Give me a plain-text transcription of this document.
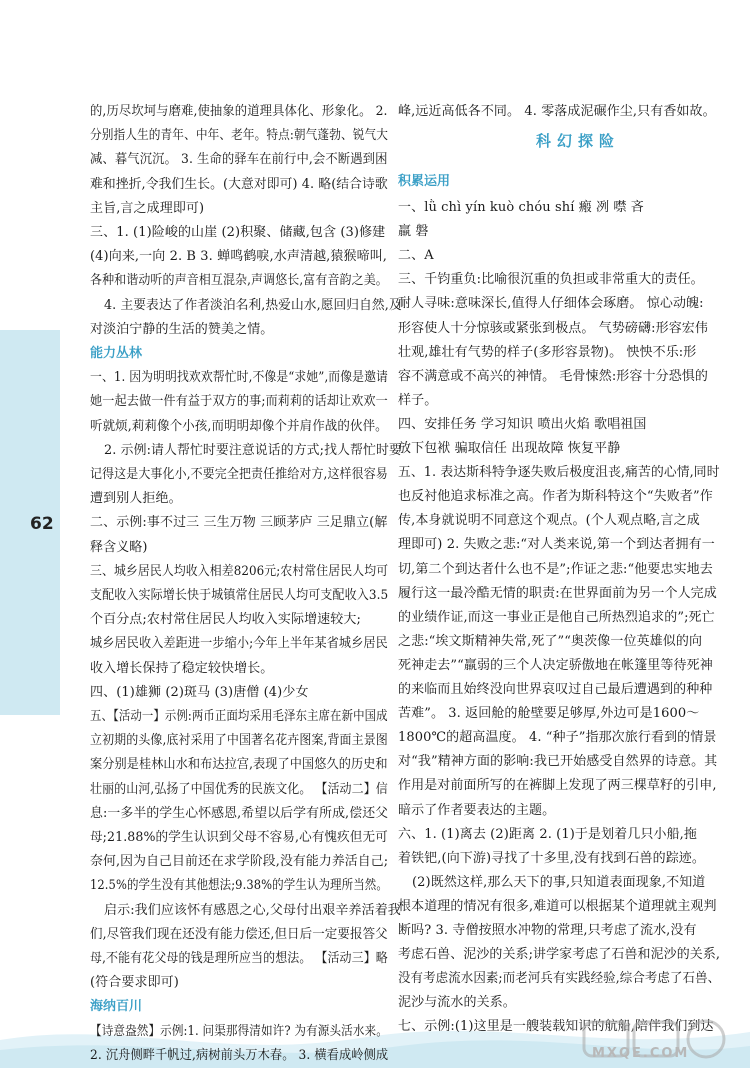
62
的,历尽坎坷与磨难,使抽象的道理具体化、形象化。 2.
分别指人生的青年、中年、老年。特点:朝气蓬勃、锐气大
减、暮气沉沉。 3. 生命的驿车在前行中,会不断遇到困
难和挫折,令我们生长。(大意对即可) 4. 略(结合诗歌
主旨,言之成理即可)
三、1. (1)险峻的山崖 (2)积聚、储藏,包含 (3)修建
(4)向来,一向 2. B 3. 蝉鸣鹤唳,水声清越,猿猴啼叫,
各种和谐动听的声音相互混杂,声调悠长,富有音韵之美。
4. 主要表达了作者淡泊名利,热爱山水,愿回归自然,及
对淡泊宁静的生活的赞美之情。
能力丛林
一、1. 因为明明找欢欢帮忙时,不像是“求她”,而像是邀请
她一起去做一件有益于双方的事;而莉莉的话却让欢欢一
听就烦,莉莉像个小孩,而明明却像个并肩作战的伙伴。
2. 示例:请人帮忙时要注意说话的方式;找人帮忙时要
记得这是大事化小,不要完全把责任推给对方,这样很容易
遭到别人拒绝。
二、示例:事不过三 三生万物 三顾茅庐 三足鼎立(解
释含义略)
三、城乡居民人均收入相差8206元;农村常住居民人均可
支配收入实际增长快于城镇常住居民人均可支配收入3.5
个百分点;农村常住居民人均收入实际增速较大;
城乡居民收入差距进一步缩小;今年上半年某省城乡居民
收入增长保持了稳定较快增长。
四、(1)雄狮 (2)斑马 (3)唐僧 (4)少女
五、【活动一】示例:两币正面均采用毛泽东主席在新中国成
立初期的头像,底衬采用了中国著名花卉图案,背面主景图
案分别是桂林山水和布达拉宫,表现了中国悠久的历史和
壮丽的山河,弘扬了中国优秀的民族文化。 【活动二】信
息:一多半的学生心怀感恩,希望以后学有所成,偿还父
母;21.88%的学生认识到父母不容易,心有愧疚但无可
奈何,因为自己目前还在求学阶段,没有能力养活自己;
12.5%的学生没有其他想法;9.38%的学生认为理所当然。
启示:我们应该怀有感恩之心,父母付出艰辛养活着我
们,尽管我们现在还没有能力偿还,但日后一定要报答父
母,不能有花父母的钱是理所应当的想法。 【活动三】略
(符合要求即可)
海纳百川
【诗意盎然】示例:1. 问渠那得清如许? 为有源头活水来。
2. 沉舟侧畔千帆过,病树前头万木春。 3. 横看成岭侧成
峰,远近高低各不同。 4. 零落成泥碾作尘,只有香如故。
科幻探险
积累运用
一、lǜ chì yín kuò chóu shí 瘢 冽 噤 吝
羸 磐
二、A
三、千钧重负:比喻很沉重的负担或非常重大的责任。
耐人寻味:意味深长,值得人仔细体会琢磨。 惊心动魄:
形容使人十分惊骇或紧张到极点。 气势磅礴:形容宏伟
壮观,雄壮有气势的样子(多形容景物)。 怏怏不乐:形
容不满意或不高兴的神情。 毛骨悚然:形容十分恐惧的
样子。
四、安排任务 学习知识 喷出火焰 歌唱祖国
放下包袱 骗取信任 出现故障 恢复平静
五、1. 表达斯科特争逐失败后极度沮丧,痛苦的心情,同时
也反衬他追求标准之高。作者为斯科特这个“失败者”作
传,本身就说明不同意这个观点。(个人观点略,言之成
理即可) 2. 失败之悲:“对人类来说,第一个到达者拥有一
切,第二个到达者什么也不是”;作证之悲:“他要忠实地去
履行这一最冷酷无情的职责:在世界面前为另一个人完成
的业绩作证,而这一事业正是他自己所热烈追求的”;死亡
之悲:“埃文斯精神失常,死了”“奥茨像一位英雄似的向
死神走去”“羸弱的三个人决定骄傲地在帐篷里等待死神
的来临而且始终没向世界哀叹过自己最后遭遇到的种种
苦难”。 3. 返回舱的舱壁要足够厚,外边可是1600～
1800℃的超高温度。 4. “种子”指那次旅行看到的情景
对“我”精神方面的影响:我已开始感受自然界的诗意。其
作用是对前面所写的在裤脚上发现了两三棵草籽的引申,
暗示了作者要表达的主题。
六、1. (1)离去 (2)距离 2. (1)于是划着几只小船,拖
着铁钯,(向下游)寻找了十多里,没有找到石兽的踪迹。
(2)既然这样,那么天下的事,只知道表面现象,不知道
根本道理的情况有很多,难道可以根据某个道理就主观判
断吗? 3. 寺僧按照水冲物的常理,只考虑了流水,没有
考虑石兽、泥沙的关系;讲学家考虑了石兽和泥沙的关系,
没有考虑流水因素;而老河兵有实践经验,综合考虑了石兽、
泥沙与流水的关系。
七、示例:(1)这里是一艘装载知识的航船,陪伴我们到达
MXQE.COM
